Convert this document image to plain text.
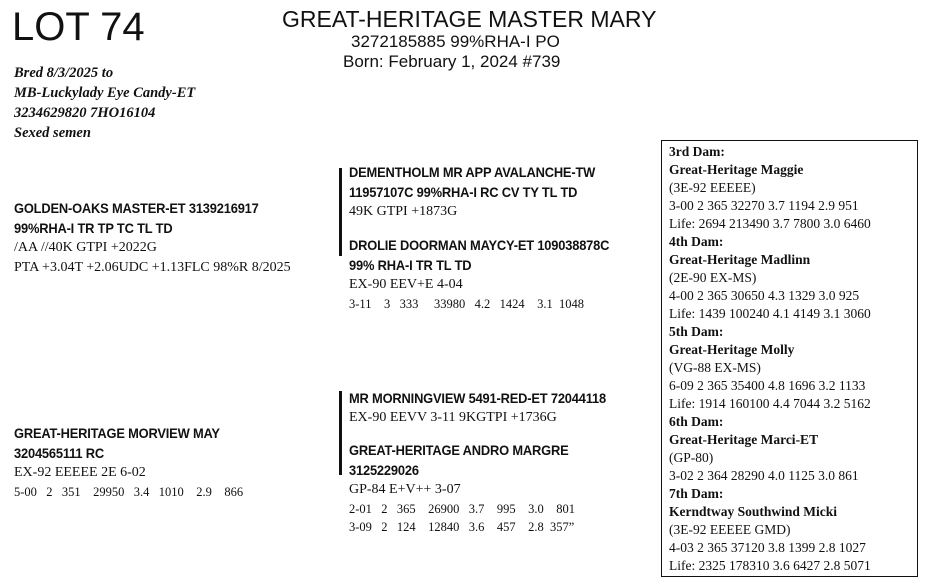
LOT 74	GREAT-HERITAGE MASTER MARY
3272185885 99%RHA-I PO
Born: February 1, 2024 #739
Bred 8/3/2025 to
MB-Luckylady Eye Candy-ET
3234629820 7HO16104
Sexed semen
GOLDEN-OAKS MASTER-ET 3139216917
99%RHA-I TR TP TC TL TD
/AA //40K GTPI +2022G
PTA +3.04T +2.06UDC +1.13FLC 98%R 8/2025
GREAT-HERITAGE MORVIEW MAY
3204565111 RC
EX-92 EEEEE 2E 6-02
5-00   2   351    29950   3.4   1010    2.9    866
DEMENTHOLM MR APP AVALANCHE-TW
11957107C 99%RHA-I RC CV TY TL TD
49K GTPI +1873G
DROLIE DOORMAN MAYCY-ET 109038878C
99% RHA-I TR TL TD
EX-90 EEV+E 4-04
3-11    3   333     33980   4.2   1424    3.1  1048
MR MORNINGVIEW 5491-RED-ET 72044118
EX-90 EEVV 3-11 9KGTPI +1736G
GREAT-HERITAGE ANDRO MARGRE
3125229026
GP-84 E+V++ 3-07
2-01   2   365    26900   3.7    995    3.0    801
3-09   2   124    12840   3.6    457    2.8  357”
3rd Dam:
Great-Heritage Maggie
(3E-92 EEEEE)
3-00 2 365 32270 3.7 1194 2.9 951
Life: 2694 213490 3.7 7800 3.0 6460
4th Dam:
Great-Heritage Madlinn
(2E-90 EX-MS)
4-00 2 365 30650 4.3 1329 3.0 925
Life: 1439 100240 4.1 4149 3.1 3060
5th Dam:
Great-Heritage Molly
(VG-88 EX-MS)
6-09 2 365 35400 4.8 1696 3.2 1133
Life: 1914 160100 4.4 7044 3.2 5162
6th Dam:
Great-Heritage Marci-ET
(GP-80)
3-02 2 364 28290 4.0 1125 3.0 861
7th Dam:
Kerndtway Southwind Micki
(3E-92 EEEEE GMD)
4-03 2 365 37120 3.8 1399 2.8 1027
Life: 2325 178310 3.6 6427 2.8 5071
